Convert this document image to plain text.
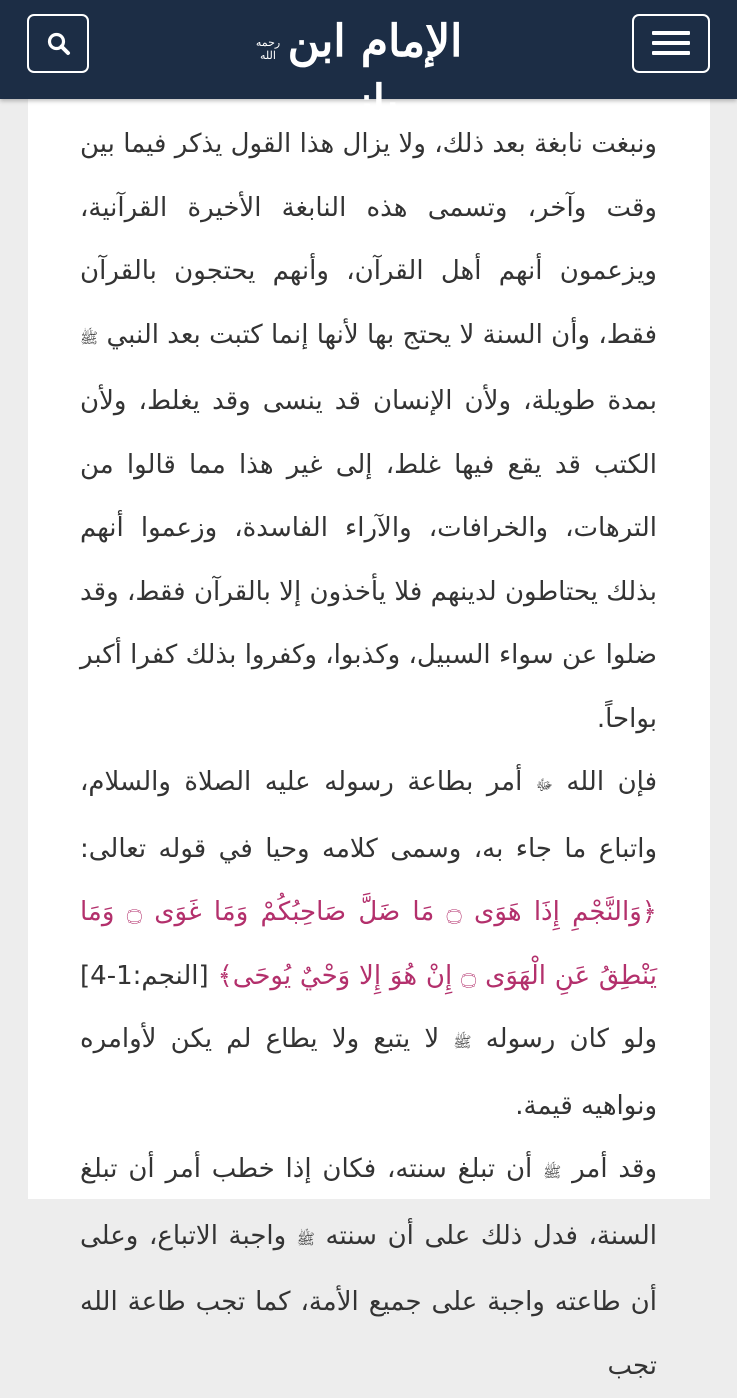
رحمه الله الإمام ابن باز

ونبغت نابغة بعد ذلك، ولا يزال هذا القول يذكر فيما بين وقت وآخر، وتسمى هذه النابغة الأخيرة القرآنية، ويزعمون أنهم أهل القرآن، وأنهم يحتجون بالقرآن فقط، وأن السنة لا يحتج بها لأنها إنما كتبت بعد النبي ﷺ بمدة طويلة، ولأن الإنسان قد ينسى وقد يغلط، ولأن الكتب قد يقع فيها غلط، إلى غير هذا مما قالوا من الترهات، والخرافات، والآراء الفاسدة، وزعموا أنهم بذلك يحتاطون لدينهم فلا يأخذون إلا بالقرآن فقط، وقد ضلوا عن سواء السبيل، وكذبوا، وكفروا بذلك كفرا أكبر بواحاً.

فإن الله ﷻ أمر بطاعة رسوله عليه الصلاة والسلام، واتباع ما جاء به، وسمى كلامه وحيا في قوله تعالى: ﴿وَالنَّجْمِ إِذَا هَوَى ۝ مَا ضَلَّ صَاحِبُكُمْ وَمَا غَوَى ۝ وَمَا يَنْطِقُ عَنِ الْهَوَى ۝ إِنْ هُوَ إِلا وَحْيٌ يُوحَى﴾ [النجم:1-4] ولو كان رسوله ﷺ لا يتبع ولا يطاع لم يكن لأوامره ونواهيه قيمة.

وقد أمر ﷺ أن تبلغ سنته، فكان إذا خطب أمر أن تبلغ السنة، فدل ذلك على أن سنته ﷺ واجبة الاتباع، وعلى أن طاعته واجبة على جميع الأمة، كما تجب طاعة الله تجب
